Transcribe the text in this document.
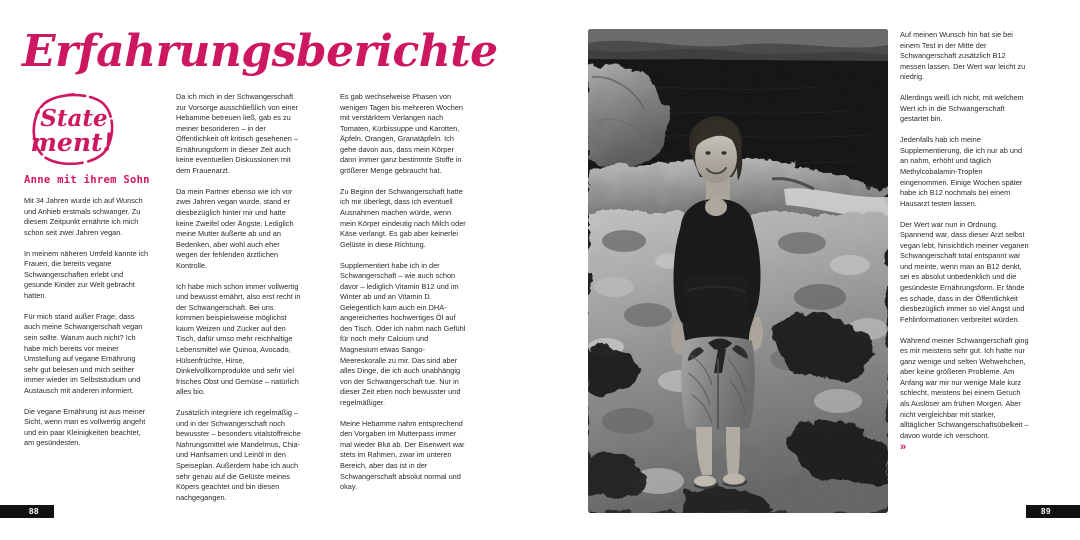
Erfahrungsberichte
State
ment!
Anne mit ihrem Sohn

Mit 34 Jahren wurde ich auf Wunsch und Anhieb erstmals schwanger. Zu diesem Zeitpunkt ernährte ich mich schon seit zwei Jahren vegan.

In meinem näheren Umfeld kannte ich Frauen, die bereits vegane Schwangerschaften erlebt und gesunde Kinder zur Welt gebracht hatten.

Für mich stand außer Frage, dass auch meine Schwangerschaft vegan sein sollte. Warum auch nicht? Ich habe mich bereits vor meiner Umstellung auf vegane Ernährung sehr gut belesen und mich seither immer wieder im Selbststudium und Austausch mit anderen informiert.

Die vegane Ernährung ist aus meiner Sicht, wenn man es vollwertig angeht und ein paar Kleinigkeiten beachtet, am gesündesten.

Da ich mich in der Schwangerschaft zur Vorsorge ausschließlich von einer Hebamme betreuen ließ, gab es zu meiner besonderen – in der Öffentlichkeit oft kritisch gesehenen – Ernährungsform in dieser Zeit auch keine eventuellen Diskussionen mit dem Frauenarzt.

Da mein Partner ebenso wie ich vor zwei Jahren vegan wurde, stand er diesbezüglich hinter mir und hatte keine Zweifel oder Ängste. Lediglich meine Mutter äußerte ab und an Bedenken, aber wohl auch eher wegen der fehlenden ärztlichen Kontrolle.

Ich habe mich schon immer vollwertig und bewusst ernährt, also erst recht in der Schwangerschaft. Bei uns kommen beispielsweise möglichst kaum Weizen und Zucker auf den Tisch, dafür umso mehr reichhaltige Lebensmittel wie Quinoa, Avocado, Hülsenfrüchte, Hirse, Dinkelvollkornprodukte und sehr viel frisches Obst und Gemüse – natürlich alles bio.

Zusätzlich integriere ich regelmäßig – und in der Schwangerschaft noch bewusster – besonders vitalstoffreiche Nahrungsmittel wie Mandelmus, Chia- und Hanfsamen und Leinöl in den Speiseplan. Außerdem habe ich auch sehr genau auf die Gelüste meines Köpers geachtet und bin diesen nachgegangen.

Es gab wechselweise Phasen von wenigen Tagen bis mehreren Wochen mit verstärktem Verlangen nach Tomaten, Kürbissuppe und Karotten, Äpfeln, Orangen, Granatäpfeln. Ich gehe davon aus, dass mein Körper dann immer ganz bestimmte Stoffe in größerer Menge gebraucht hat.

Zu Beginn der Schwangerschaft hatte ich mir überlegt, dass ich eventuell Ausnahmen machen würde, wenn mein Körper eindeutig nach Milch oder Käse verlangt. Es gab aber keinerlei Gelüste in diese Richtung.

Supplementiert habe ich in der Schwangerschaft – wie auch schon davor – lediglich Vitamin B12 und im Winter ab und an Vitamin D. Gelegentlich kam auch ein DHA-angereichertes hochwertiges Öl auf den Tisch. Oder ich nahm nach Gefühl für noch mehr Calcium und Magnesium etwas Sango-Meereskoralle zu mir. Das sind aber alles Dinge, die ich auch unabhängig von der Schwangerschaft tue. Nur in dieser Zeit eben noch bewusster und regelmäßiger.

Meine Hebamme nahm entsprechend den Vorgaben im Mutterpass immer mal wieder Blut ab. Der Eisenwert war stets im Rahmen, zwar im unteren Bereich, aber das ist in der Schwangerschaft absolut normal und okay.

88	89

Auf meinen Wunsch hin hat sie bei einem Test in der Mitte der Schwangerschaft zusätzlich B12 messen lassen. Der Wert war leicht zu niedrig.

Allerdings weiß ich nicht, mit welchem Wert ich in die Schwangerschaft gestartet bin.

Jedenfalls hab ich meine Supplementierung, die ich nur ab und an nahm, erhöht und täglich Methylcobalamin-Tropfen eingenommen. Einige Wochen später habe ich B12 nochmals bei einem Hausarzt testen lassen.

Der Wert war nun in Ordnung. Spannend war, dass dieser Arzt selbst vegan lebt, hinsichtlich meiner veganen Schwangerschaft total entspannt war und meinte, wenn man an B12 denkt, sei es absolut unbedenklich und die gesündeste Ernährungsform. Er fände es schade, dass in der Öffentlichkeit diesbezüglich immer so viel Angst und Fehlinformationen verbreitet würden.

Während meiner Schwangerschaft ging es mir meistens sehr gut. Ich hatte nur ganz wenige und selten Wehwehchen, aber keine größeren Probleme. Am Anfang war mir nur wenige Male kurz schlecht, meistens bei einem Geruch als Auslöser am frühen Morgen. Aber nicht vergleichbar mit starker, alltäglicher Schwangerschaftsübelkeit – davon wurde ich verschont.
»
